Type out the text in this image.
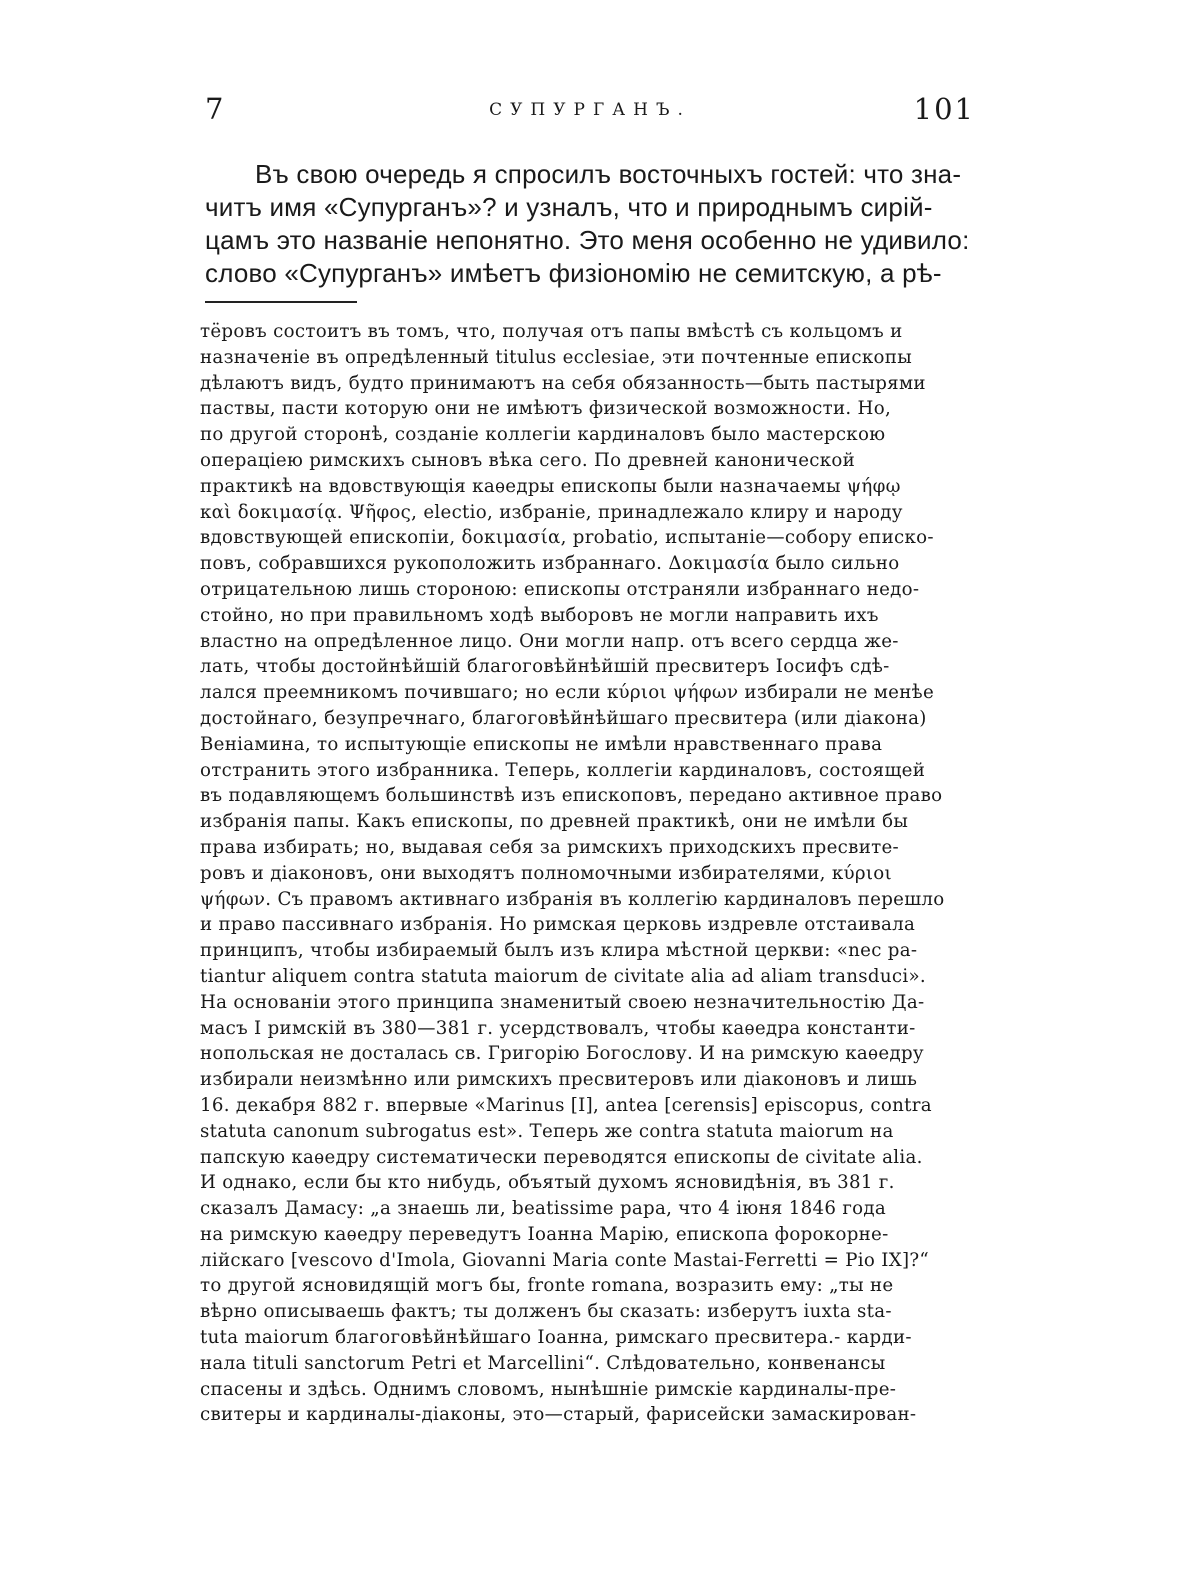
7	СУПУРГАНЪ.	101
Въ свою очередь я спросилъ восточныхъ гостей: что зна-
читъ имя «Супурганъ»? и узналъ, что и природнымъ сирій-
цамъ это названіе непонятно. Это меня особенно не удивило:
слово «Супурганъ» имѣетъ физіономію не семитскую, а рѣ-
тёровъ состоитъ въ томъ, что, получая отъ папы вмѣстѣ съ кольцомъ и
назначеніе въ опредѣленный titulus ecclesiae, эти почтенные епископы
дѣлаютъ видъ, будто принимаютъ на себя обязанность—быть пастырями
паствы, пасти которую они не имѣютъ физической возможности. Но,
по другой сторонѣ, созданіе коллегіи кардиналовъ было мастерскою
операціею римскихъ сыновъ вѣка сего. По древней канонической
практикѣ на вдовствующія каѳедры епископы были назначаемы ψήφῳ
καὶ δοκιμασίᾳ. Ψῆφος, electio, избраніе, принадлежало клиру и народу
вдовствующей епископіи, δοκιμασία, probatio, испытаніе—собору еписко-
повъ, собравшихся рукоположить избраннаго. Δοκιμασία было сильно
отрицательною лишь стороною: епископы отстраняли избраннаго недо-
стойно, но при правильномъ ходѣ выборовъ не могли направить ихъ
властно на опредѣленное лицо. Они могли напр. отъ всего сердца же-
лать, чтобы достойнѣйшій благоговѣйнѣйшій пресвитеръ Іосифъ сдѣ-
лался преемникомъ почившаго; но если κύριοι ψήφων избирали не менѣе
достойнаго, безупречнаго, благоговѣйнѣйшаго пресвитера (или діакона)
Веніамина, то испытующіе епископы не имѣли нравственнаго права
отстранить этого избранника. Теперь, коллегіи кардиналовъ, состоящей
въ подавляющемъ большинствѣ изъ епископовъ, передано активное право
избранія папы. Какъ епископы, по древней практикѣ, они не имѣли бы
права избирать; но, выдавая себя за римскихъ приходскихъ пресвите-
ровъ и діаконовъ, они выходятъ полномочными избирателями, κύριοι
ψήφων. Съ правомъ активнаго избранія въ коллегію кардиналовъ перешло
и право пассивнаго избранія. Но римская церковь издревле отстаивала
принципъ, чтобы избираемый былъ изъ клира мѣстной церкви: «nec pa-
tiantur aliquem contra statuta maiorum de civitate alia ad aliam transduci».
На основаніи этого принципа знаменитый своею незначительностію Да-
масъ I римскій въ 380—381 г. усердствовалъ, чтобы каѳедра константи-
нопольская не досталась св. Григорію Богослову. И на римскую каѳедру
избирали неизмѣнно или римскихъ пресвитеровъ или діаконовъ и лишь
16. декабря 882 г. впервые «Marinus [I], antea [cerensis] episcopus, contra
statuta canonum subrogatus est». Теперь же contra statuta maiorum на
папскую каѳедру систематически переводятся епископы de civitate alia.
И однако, если бы кто нибудь, объятый духомъ ясновидѣнія, въ 381 г.
сказалъ Дамасу: „а знаешь ли, beatissime papa, что 4 іюня 1846 года
на римскую каѳедру переведутъ Іоанна Марію, епископа форокорне-
лійскаго [vescovo d'Imola, Giovanni Maria conte Mastai-Ferretti = Pio IX]?“
то другой ясновидящій могъ бы, fronte romana, возразить ему: „ты не
вѣрно описываешь фактъ; ты долженъ бы сказать: изберутъ iuxta sta-
tuta maiorum благоговѣйнѣйшаго Іоанна, римскаго пресвитера.- карди-
нала tituli sanctorum Petri et Marcellini“. Слѣдовательно, конвенансы
спасены и здѣсь. Однимъ словомъ, нынѣшніе римскіе кардиналы-пре-
свитеры и кардиналы-діаконы, это—старый, фарисейски замаскирован-
